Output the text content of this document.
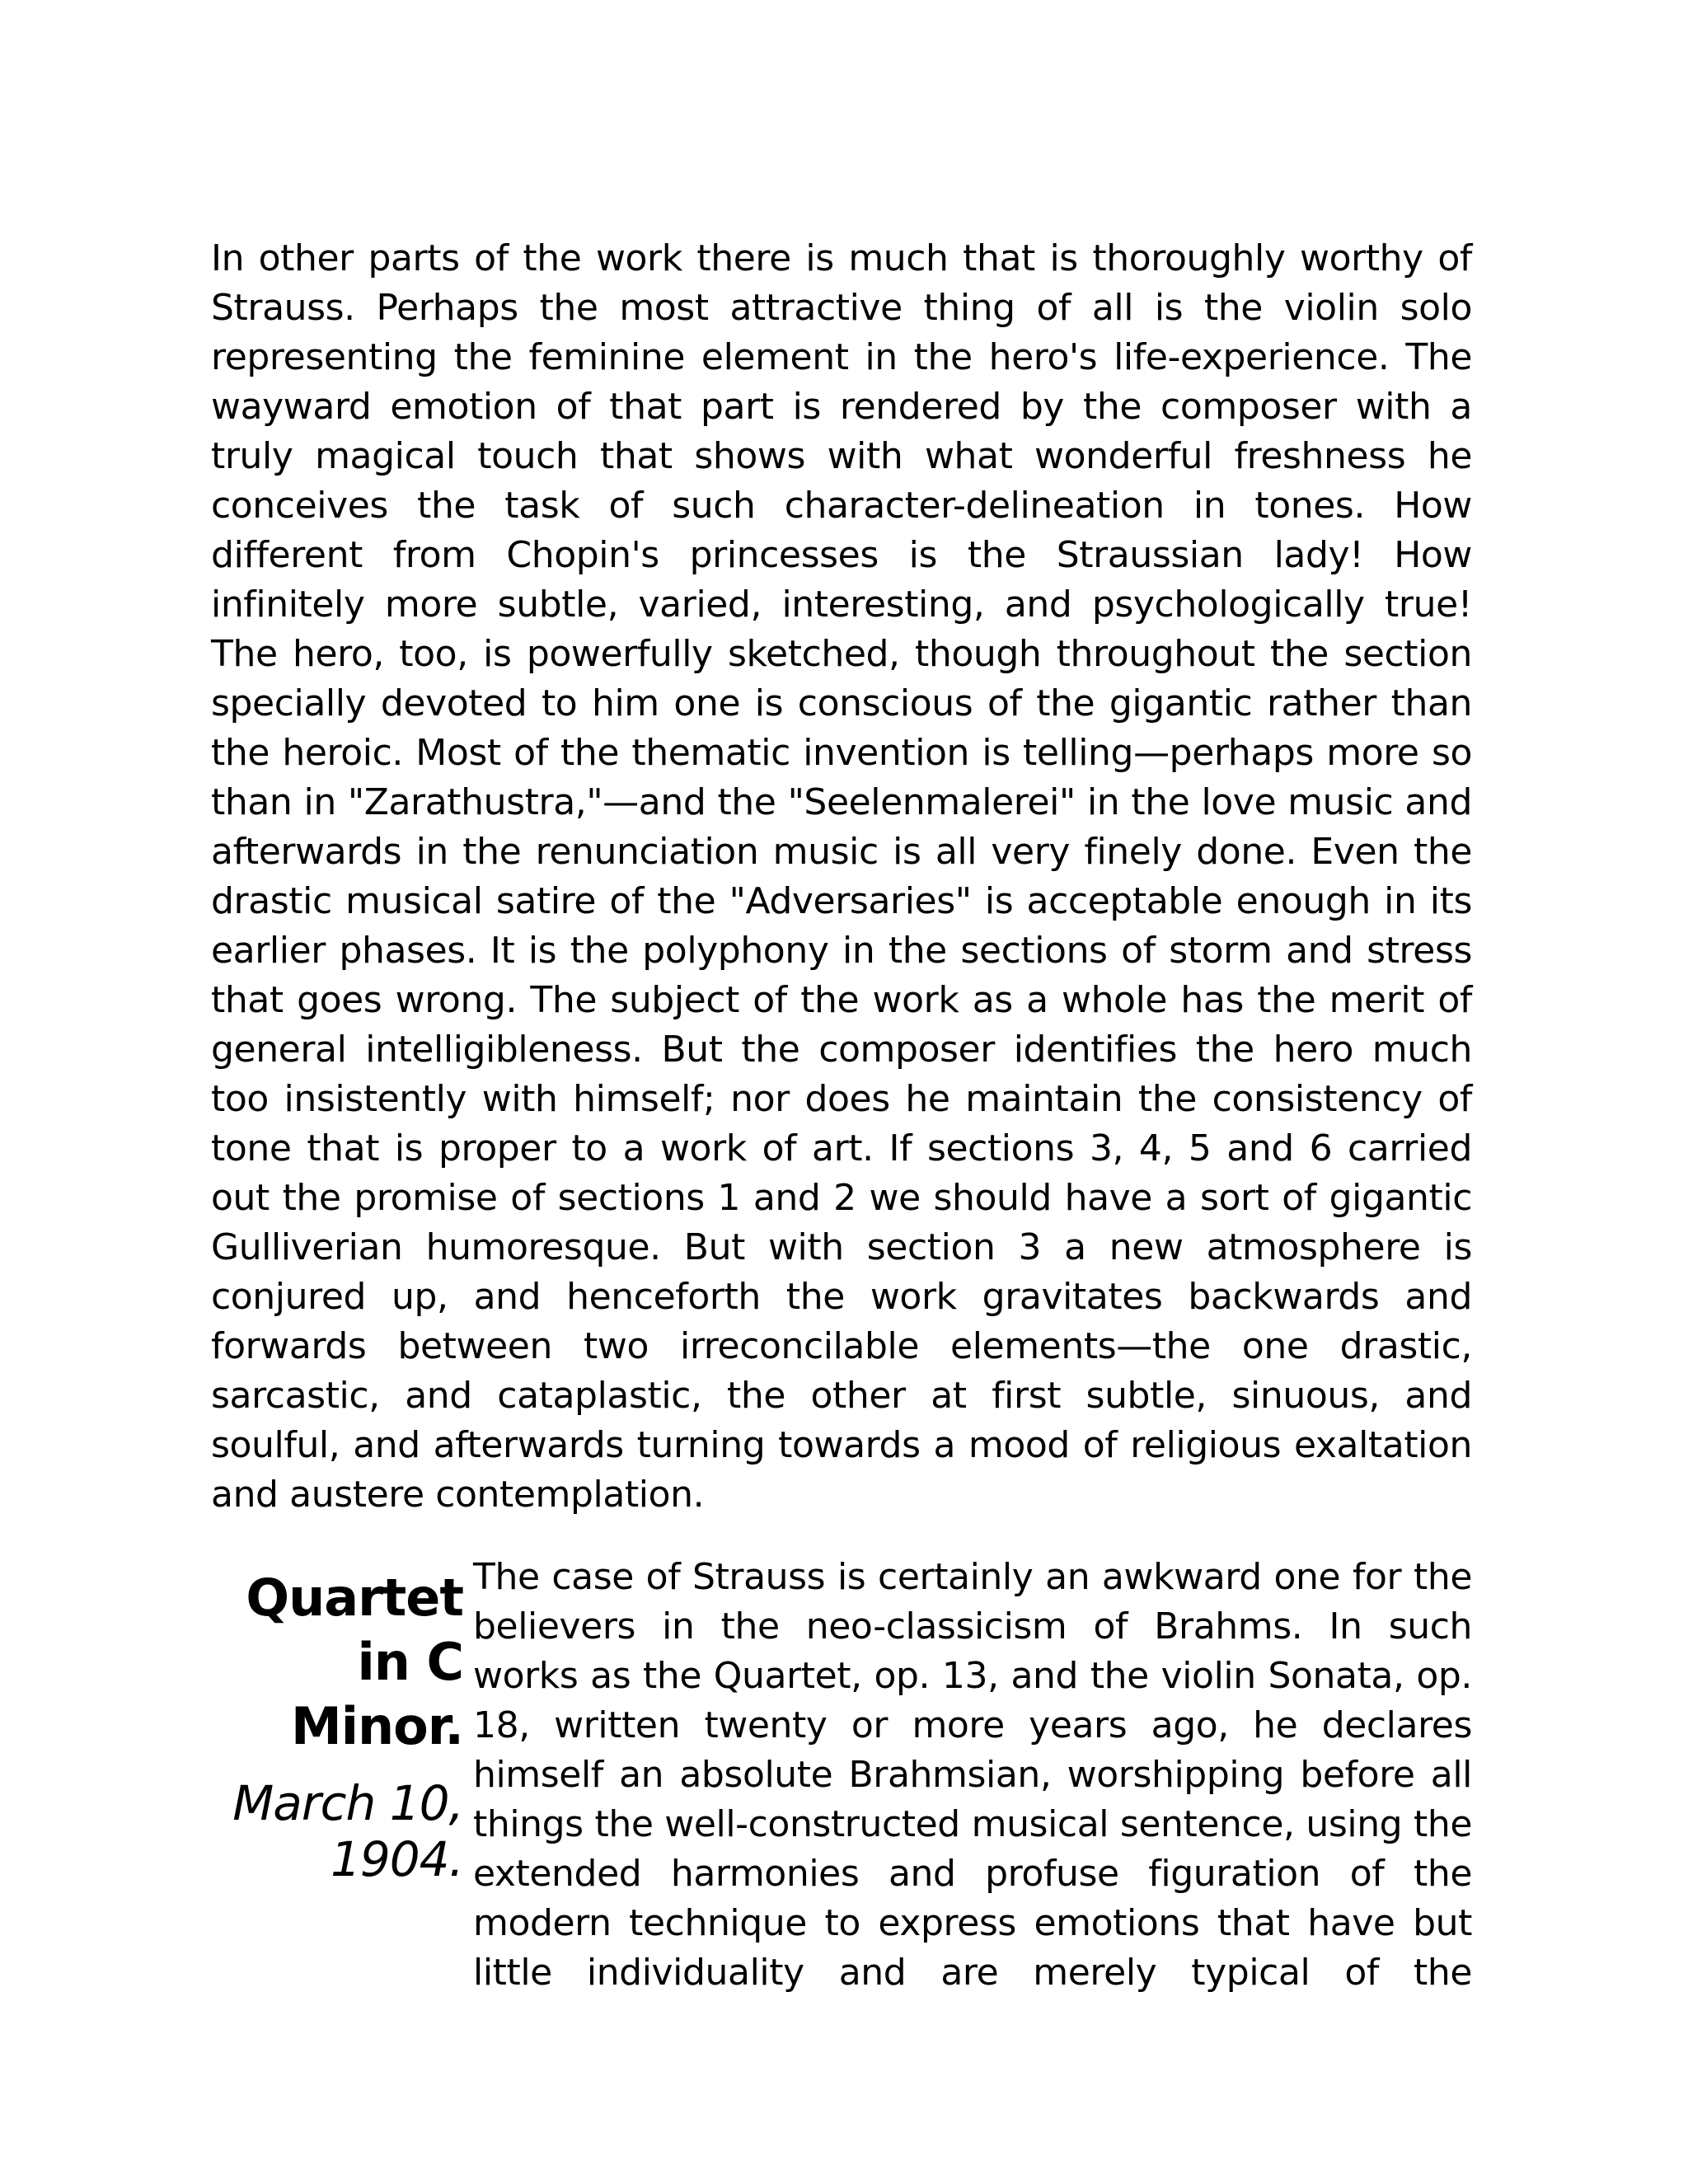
In other parts of the work there is much that is thoroughly worthy of Strauss. Perhaps the most attractive thing of all is the violin solo representing the feminine element in the hero's life-experience. The wayward emotion of that part is rendered by the composer with a truly magical touch that shows with what wonderful freshness he conceives the task of such character-delineation in tones. How different from Chopin's princesses is the Straussian lady! How infinitely more subtle, varied, interesting, and psychologically true! The hero, too, is powerfully sketched, though throughout the section specially devoted to him one is conscious of the gigantic rather than the heroic. Most of the thematic invention is telling—perhaps more so than in "Zarathustra,"—and the "Seelenmalerei" in the love music and afterwards in the renunciation music is all very finely done. Even the drastic musical satire of the "Adversaries" is acceptable enough in its earlier phases. It is the polyphony in the sections of storm and stress that goes wrong. The subject of the work as a whole has the merit of general intelligibleness. But the composer identifies the hero much too insistently with himself; nor does he maintain the consistency of tone that is proper to a work of art. If sections 3, 4, 5 and 6 carried out the promise of sections 1 and 2 we should have a sort of gigantic Gulliverian humoresque. But with section 3 a new atmosphere is conjured up, and henceforth the work gravitates backwards and forwards between two irreconcilable elements—the one drastic, sarcastic, and cataplastic, the other at first subtle, sinuous, and soulful, and afterwards turning towards a mood of religious exaltation and austere contemplation.

Quartet
in C
Minor.
March 10,
1904.

The case of Strauss is certainly an awkward one for the believers in the neo-classicism of Brahms. In such works as the Quartet, op. 13, and the violin Sonata, op. 18, written twenty or more years ago, he declares himself an absolute Brahmsian, worshipping before all things the well-constructed musical sentence, using the extended harmonies and profuse figuration of the modern technique to express emotions that have but little individuality and are merely typical of the
